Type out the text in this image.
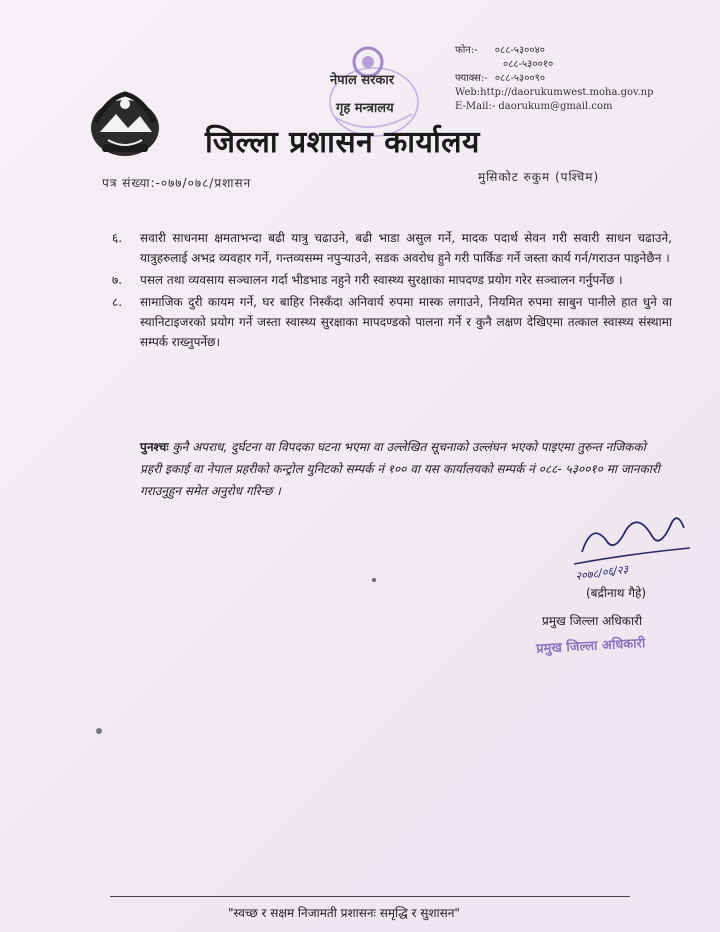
नेपाल सरकार
गृह मन्त्रालय
फोन:- ०८८-५३००४०
०८८-५३००१०
फ्याक्स:- ०८८-५३००९०
Web:http://daorukumwest.moha.gov.np
E-Mail:- daorukum@gmail.com
जिल्ला प्रशासन कार्यालय
पत्र संख्या:-०७७/०७८/प्रशासन	मुसिकोट रुकुम (पश्चिम)
६.	सवारी साधनमा क्षमताभन्दा बढी यात्रु चढाउने, बढी भाडा असुल गर्ने, मादक पदार्थ सेवन गरी सवारी साधन चढाउने, यात्रुहरुलाई अभद्र व्यवहार गर्ने, गन्तव्यसम्म नपुर्‍याउने, सडक अवरोध हुने गरी पार्किङ गर्ने जस्ता कार्य गर्न/गराउन पाइनेछैन ।
७.	पसल तथा व्यवसाय सञ्चालन गर्दा भीडभाड नहुने गरी स्वास्थ्य सुरक्षाका मापदण्ड प्रयोग गरेर सञ्चालन गर्नुपर्नेछ ।
८.	सामाजिक दुरी कायम गर्ने, घर बाहिर निस्कँदा अनिवार्य रुपमा मास्क लगाउने, नियमित रुपमा साबुन पानीले हात धुने वा स्यानिटाइजरको प्रयोग गर्ने जस्ता स्वास्थ्य सुरक्षाका मापदण्डको पालना गर्ने र कुनै लक्षण देखिएमा तत्काल स्वास्थ्य संस्थामा सम्पर्क राख्नुपर्नेछ।
पुनश्चः कुनै अपराध, दुर्घटना वा विपदका घटना भएमा वा उल्लेखित सूचनाको उल्लंघन भएको पाइएमा तुरुन्त नजिकको प्रहरी इकाई वा नेपाल प्रहरीको कन्ट्रोल युनिटको सम्पर्क नं १०० वा यस कार्यालयको सम्पर्क नं ०८८- ५३००१० मा जानकारी गराउनुहुन समेत अनुरोध गरिन्छ ।
२०७८/०६/२३
(बद्रीनाथ गैहे)
प्रमुख जिल्ला अधिकारी
प्रमुख जिल्ला अधिकारी
"स्वच्छ र सक्षम निजामती प्रशासनः समृद्धि र सुशासन"
